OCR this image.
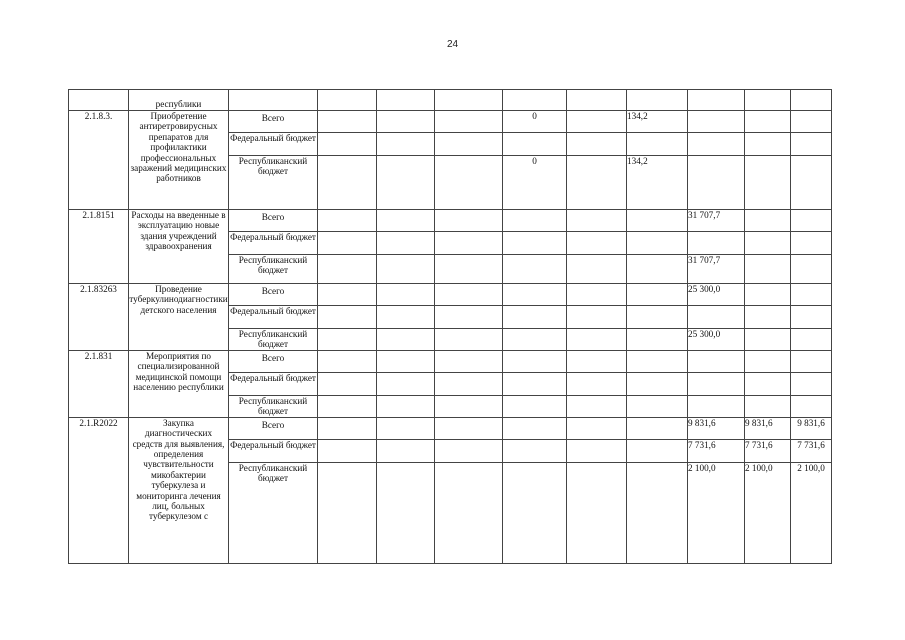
24
	республики										
2.1.8.3.	Приобретение антиретровирусных препаратов для профилактики профессиональных заражений медицинских работников	Всего				0		134,2			
		Федеральный бюджет									
		Республиканский бюджет				0		134,2			
2.1.8151	Расходы на введенные в эксплуатацию новые здания учреждений здравоохранения	Всего							31 707,7		
		Федеральный бюджет									
		Республиканский бюджет							31 707,7		
2.1.83263	Проведение туберкулинодиагностики детского населения	Всего							25 300,0		
		Федеральный бюджет									
		Республиканский бюджет							25 300,0		
2.1.831	Мероприятия по специализированной медицинской помощи населению республики	Всего									
		Федеральный бюджет									
		Республиканский бюджет									
2.1.R2022	Закупка диагностических средств для выявления, определения чувствительности микобактерии туберкулеза и мониторинга лечения лиц, больных туберкулезом с	Всего							9 831,6	9 831,6	9 831,6
		Федеральный бюджет							7 731,6	7 731,6	7 731,6
		Республиканский бюджет							2 100,0	2 100,0	2 100,0
